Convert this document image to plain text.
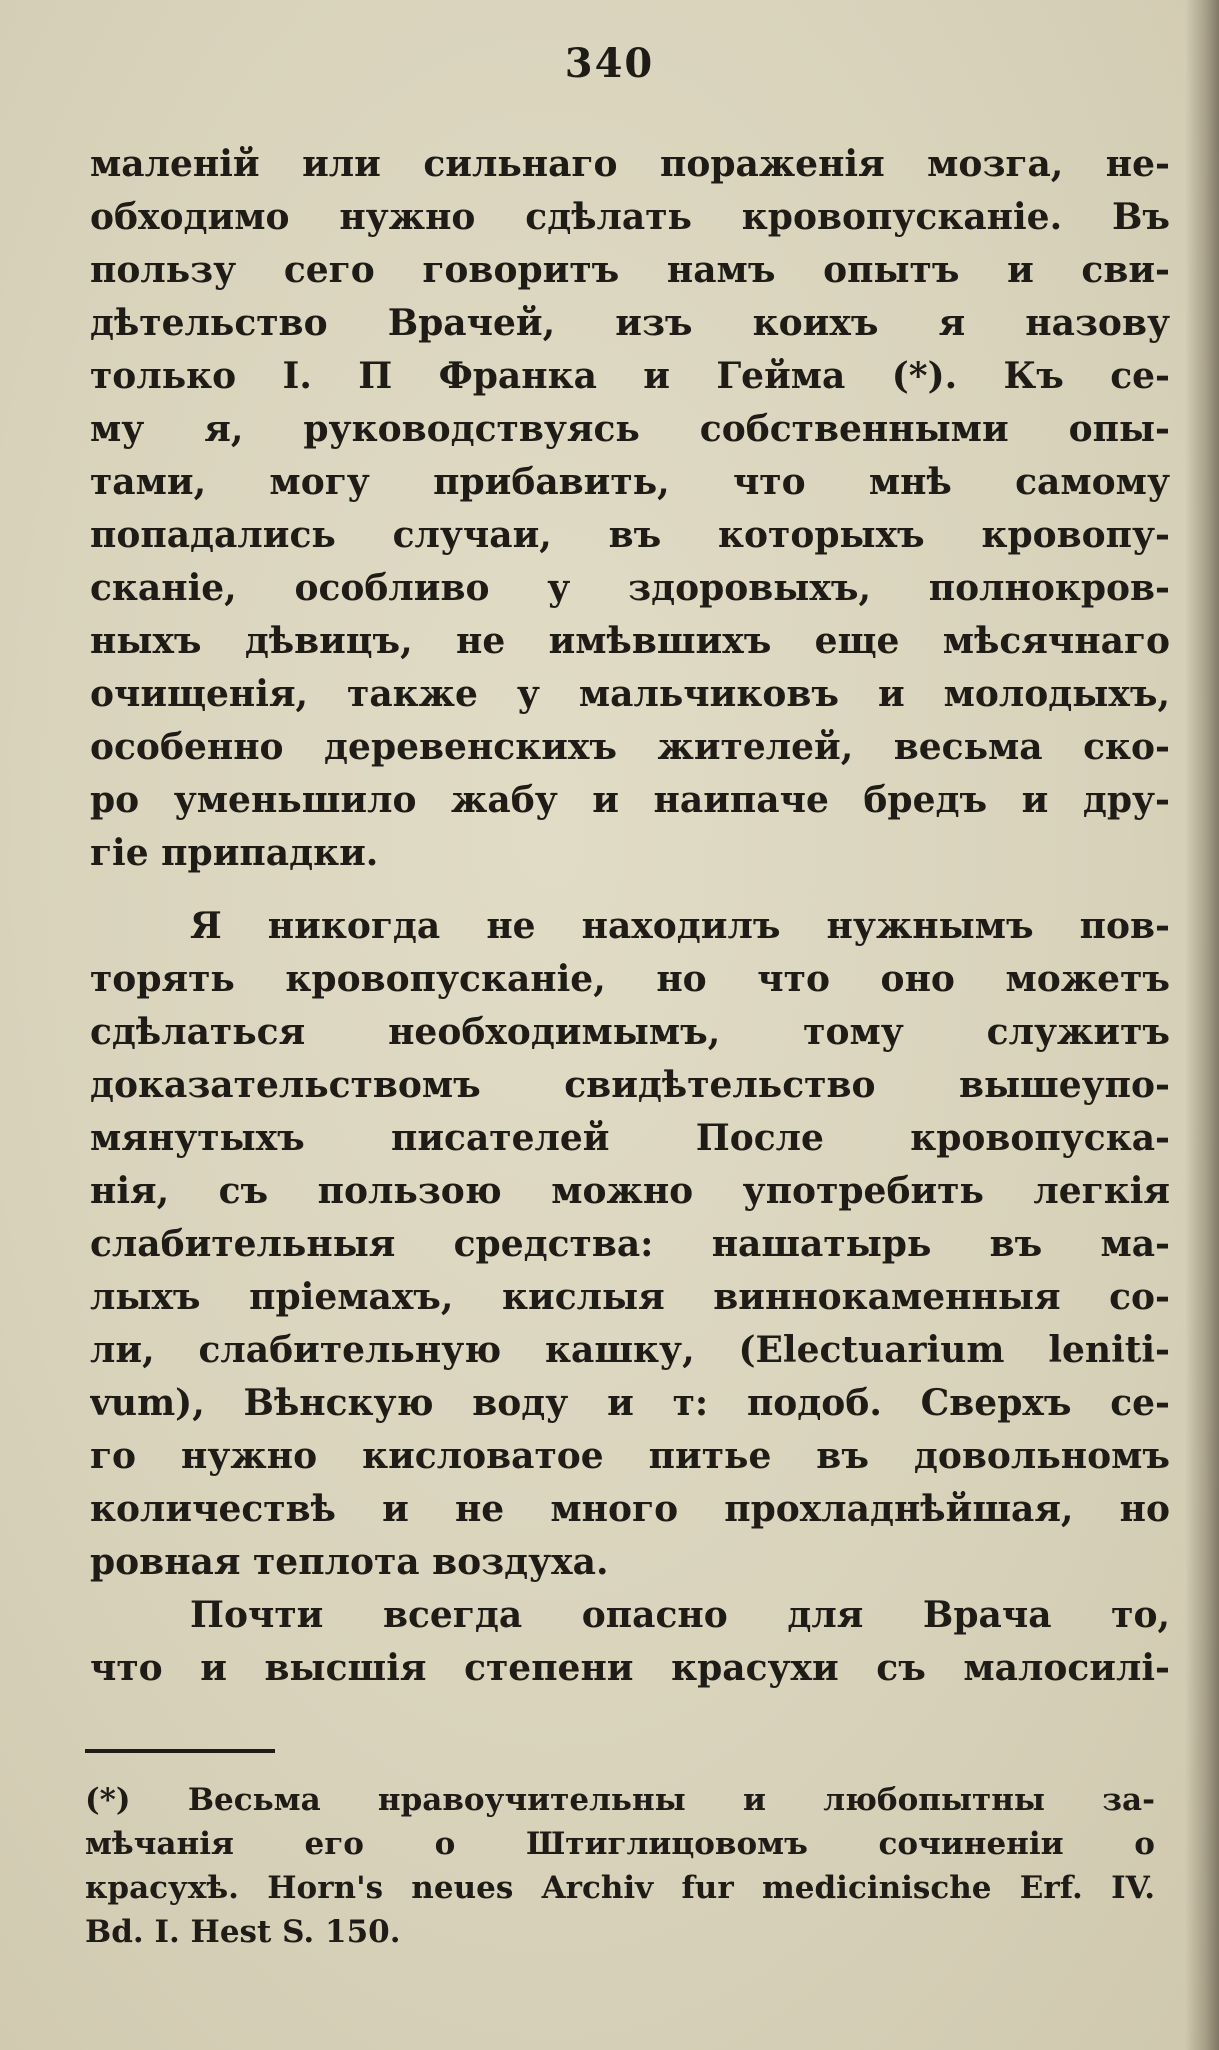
340
маленій или сильнаго пораженія мозга, не-
обходимо нужно сдѣлать кровопусканіе. Въ
пользу сего говоритъ намъ опытъ и сви-
дѣтельство Врачей, изъ коихъ я назову
только І. П Франка и Гейма (*). Къ се-
му я, руководствуясь собственными опы-
тами, могу прибавить, что мнѣ самому
попадались случаи, въ которыхъ кровопу-
сканіе, особливо у здоровыхъ, полнокров-
ныхъ дѣвицъ, не имѣвшихъ еще мѣсячнаго
очищенія, также у мальчиковъ и молодыхъ,
особенно деревенскихъ жителей, весьма ско-
ро уменьшило жабу и наипаче бредъ и дру-
гіе припадки.
Я никогда не находилъ нужнымъ пов-
торять кровопусканіе, но что оно можетъ
сдѣлаться необходимымъ, тому служитъ
доказательствомъ свидѣтельство вышеупо-
мянутыхъ писателей После кровопуска-
нія, съ пользою можно употребить легкія
слабительныя средства: нашатырь въ ма-
лыхъ пріемахъ, кислыя виннокаменныя со-
ли, слабительную кашку, (Electuarium leniti-
vum), Вѣнскую воду и т: подоб. Сверхъ се-
го нужно кисловатое питье въ довольномъ
количествѣ и не много прохладнѣйшая, но
ровная теплота воздуха.
Почти всегда опасно для Врача то,
что и высшія степени красухи съ малосилі-
(*) Весьма нравоучительны и любопытны за-
мѣчанія его о Штиглицовомъ сочиненіи о
красухѣ. Horn's neues Archiv fur medicinische Erf. IV.
Bd. I. Hest S. 150.
